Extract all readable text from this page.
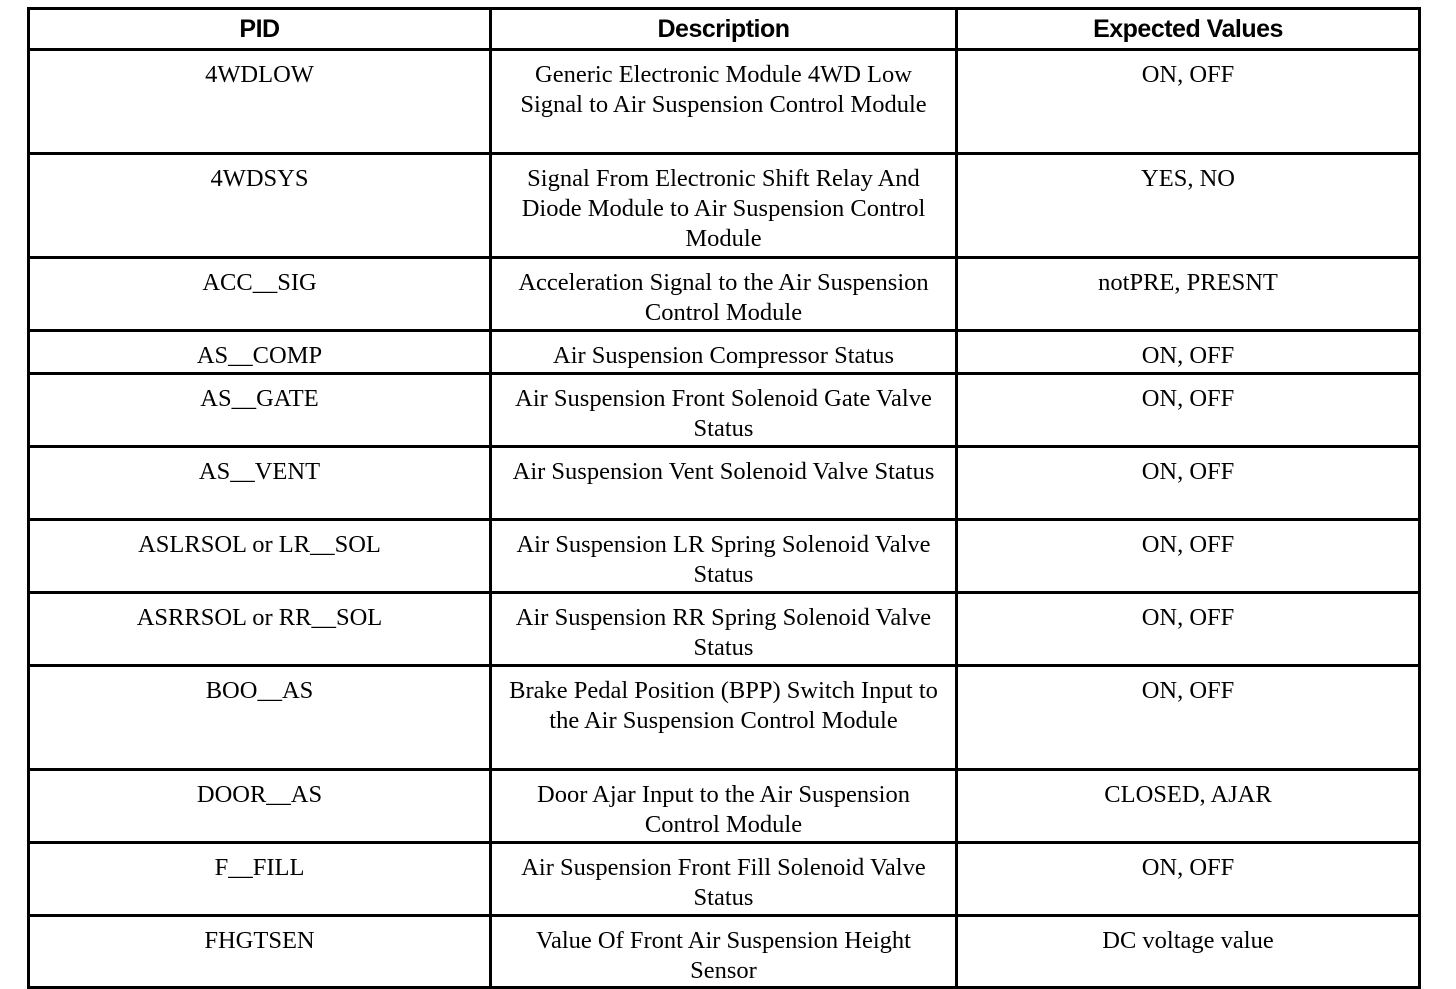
PID	Description	Expected Values
4WDLOW	Generic Electronic Module 4WD Low Signal to Air Suspension Control Module	ON, OFF
4WDSYS	Signal From Electronic Shift Relay And Diode Module to Air Suspension Control Module	YES, NO
ACC__SIG	Acceleration Signal to the Air Suspension Control Module	notPRE, PRESNT
AS__COMP	Air Suspension Compressor Status	ON, OFF
AS__GATE	Air Suspension Front Solenoid Gate Valve Status	ON, OFF
AS__VENT	Air Suspension Vent Solenoid Valve Status	ON, OFF
ASLRSOL or LR__SOL	Air Suspension LR Spring Solenoid Valve Status	ON, OFF
ASRRSOL or RR__SOL	Air Suspension RR Spring Solenoid Valve Status	ON, OFF
BOO__AS	Brake Pedal Position (BPP) Switch Input to the Air Suspension Control Module	ON, OFF
DOOR__AS	Door Ajar Input to the Air Suspension Control Module	CLOSED, AJAR
F__FILL	Air Suspension Front Fill Solenoid Valve Status	ON, OFF
FHGTSEN	Value Of Front Air Suspension Height Sensor	DC voltage value
